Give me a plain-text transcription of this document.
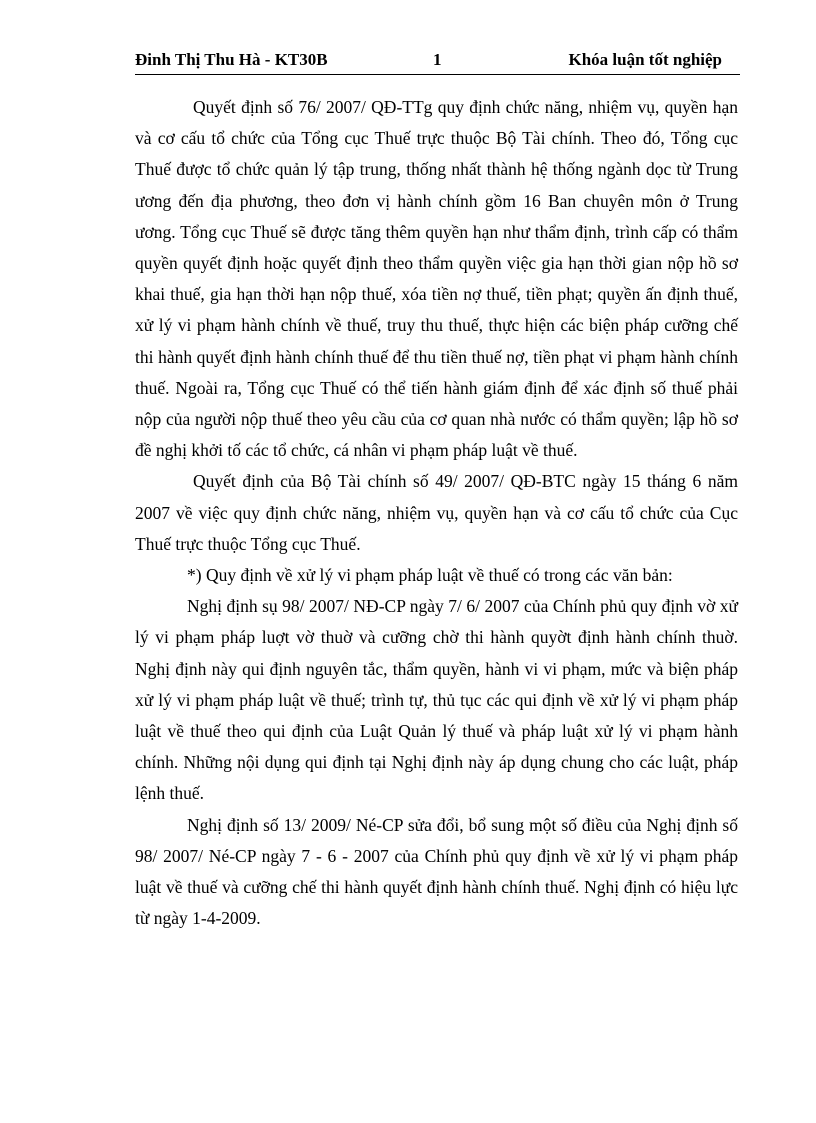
Đinh Thị Thu Hà - KT30B	1	Khóa luận tốt nghiệp

Quyết định số 76/ 2007/ QĐ-TTg quy định chức năng, nhiệm vụ, quyền hạn và cơ cấu tổ chức của Tổng cục Thuế trực thuộc Bộ Tài chính. Theo đó, Tổng cục Thuế được tổ chức quản lý tập trung, thống nhất thành hệ thống ngành dọc từ Trung ương đến địa phương, theo đơn vị hành chính gồm 16 Ban chuyên môn ở Trung ương. Tổng cục Thuế sẽ được tăng thêm quyền hạn như thẩm định, trình cấp có thẩm quyền quyết định hoặc quyết định theo thẩm quyền việc gia hạn thời gian nộp hồ sơ khai thuế, gia hạn thời hạn nộp thuế, xóa tiền nợ thuế, tiền phạt; quyền ấn định thuế, xử lý vi phạm hành chính về thuế, truy thu thuế, thực hiện các biện pháp cưỡng chế thi hành quyết định hành chính thuế để thu tiền thuế nợ, tiền phạt vi phạm hành chính thuế. Ngoài ra, Tổng cục Thuế có thể tiến hành giám định để xác định số thuế phải nộp của người nộp thuế theo yêu cầu của cơ quan nhà nước có thẩm quyền; lập hồ sơ đề nghị khởi tố các tổ chức, cá nhân vi phạm pháp luật về thuế.

Quyết định của Bộ Tài chính số 49/ 2007/ QĐ-BTC ngày 15 tháng 6 năm 2007 về việc quy định chức năng, nhiệm vụ, quyền hạn và cơ cấu tổ chức của Cục Thuế trực thuộc Tổng cục Thuế.

*) Quy định về xử lý vi phạm pháp luật về thuế có trong các văn bản:

Nghị định sụ 98/ 2007/ NĐ-CP ngày 7/ 6/ 2007 của Chính phủ quy định vờ xử lý vi phạm pháp luợt vờ thuờ và cưỡng chờ thi hành quyờt định hành chính thuờ. Nghị định này qui định nguyên tắc, thẩm quyền, hành vi vi phạm, mức và biện pháp xử lý vi phạm pháp luật về thuế; trình tự, thủ tục các qui định về xử lý vi phạm pháp luật về thuế theo qui định của Luật Quản lý thuế và pháp luật xử lý vi phạm hành chính. Những nội dụng qui định tại Nghị định này áp dụng chung cho các luật, pháp lệnh thuế.

Nghị định số 13/ 2009/ Né-CP sửa đổi, bổ sung một số điều của Nghị định số 98/ 2007/ Né-CP ngày 7 - 6 - 2007 của Chính phủ quy định về xử lý vi phạm pháp luật về thuế và cưỡng chế thi hành quyết định hành chính thuế. Nghị định có hiệu lực từ ngày 1-4-2009.
